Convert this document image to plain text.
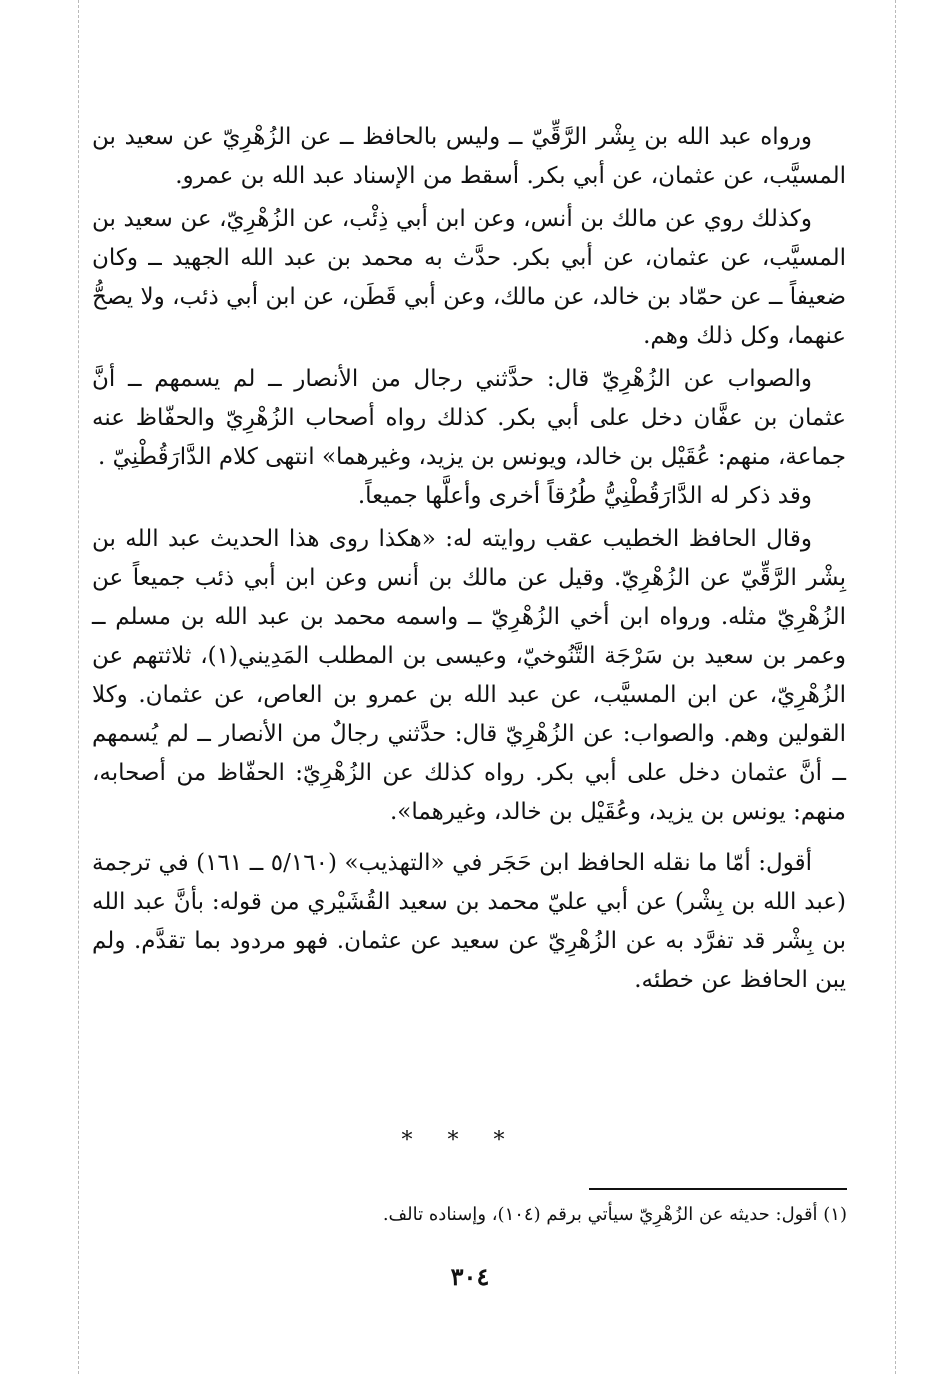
ورواه عبد الله بن بِشْر الرَّقِّيّ ــ وليس بالحافظ ــ عن الزُهْرِيّ عن سعيد بن المسيَّب، عن عثمان، عن أبي بكر. أسقط من الإسناد عبد الله بن عمرو.

وكذلك روي عن مالك بن أنس، وعن ابن أبي ذِئْب، عن الزُهْرِيّ، عن سعيد بن المسيَّب، عن عثمان، عن أبي بكر. حدَّث به محمد بن عبد الله الجهيد ــ وكان ضعيفاً ــ عن حمّاد بن خالد، عن مالك، وعن أبي قَطَن، عن ابن أبي ذئب، ولا يصحُّ عنهما، وكل ذلك وهم.

والصواب عن الزُهْرِيّ قال: حدَّثني رجال من الأنصار ــ لم يسمهم ــ أنَّ عثمان بن عفَّان دخل على أبي بكر. كذلك رواه أصحاب الزُهْرِيّ والحفّاظ عنه جماعة، منهم: عُقَيْل بن خالد، ويونس بن يزيد، وغيرهما» انتهى كلام الدَّارَقُطْنِيّ .

وقد ذكر له الدَّارَقُطْنِيُّ طُرُقاً أخرى وأعلَّها جميعاً.

وقال الحافظ الخطيب عقب روايته له: «هكذا روى هذا الحديث عبد الله بن بِشْر الرَّقِّيّ عن الزُهْرِيّ. وقيل عن مالك بن أنس وعن ابن أبي ذئب جميعاً عن الزُهْرِيّ مثله. ورواه ابن أخي الزُهْرِيّ ــ واسمه محمد بن عبد الله بن مسلم ــ وعمر بن سعيد بن سَرْجَة التَّنُوخيّ، وعيسى بن المطلب المَدِيني(١)، ثلاثتهم عن الزُهْرِيّ، عن ابن المسيَّب، عن عبد الله بن عمرو بن العاص، عن عثمان. وكلا القولين وهم. والصواب: عن الزُهْرِيّ قال: حدَّثني رجالٌ من الأنصار ــ لم يُسمهم ــ أنَّ عثمان دخل على أبي بكر. رواه كذلك عن الزُهْرِيّ: الحفّاظ من أصحابه، منهم: يونس بن يزيد، وعُقَيْل بن خالد، وغيرهما».

أقول: أمّا ما نقله الحافظ ابن حَجَر في «التهذيب» (٥/١٦٠ ــ ١٦١) في ترجمة (عبد الله بن بِشْر) عن أبي عليّ محمد بن سعيد القُشَيْري من قوله: بأنَّ عبد الله بن بِشْر قد تفرَّد به عن الزُهْرِيّ عن سعيد عن عثمان. فهو مردود بما تقدَّم. ولم يبن الحافظ عن خطئه.

* * *
(١) أقول: حديثه عن الزُهْرِيّ سيأتي برقم (١٠٤)، وإسناده تالف.
٣٠٤
